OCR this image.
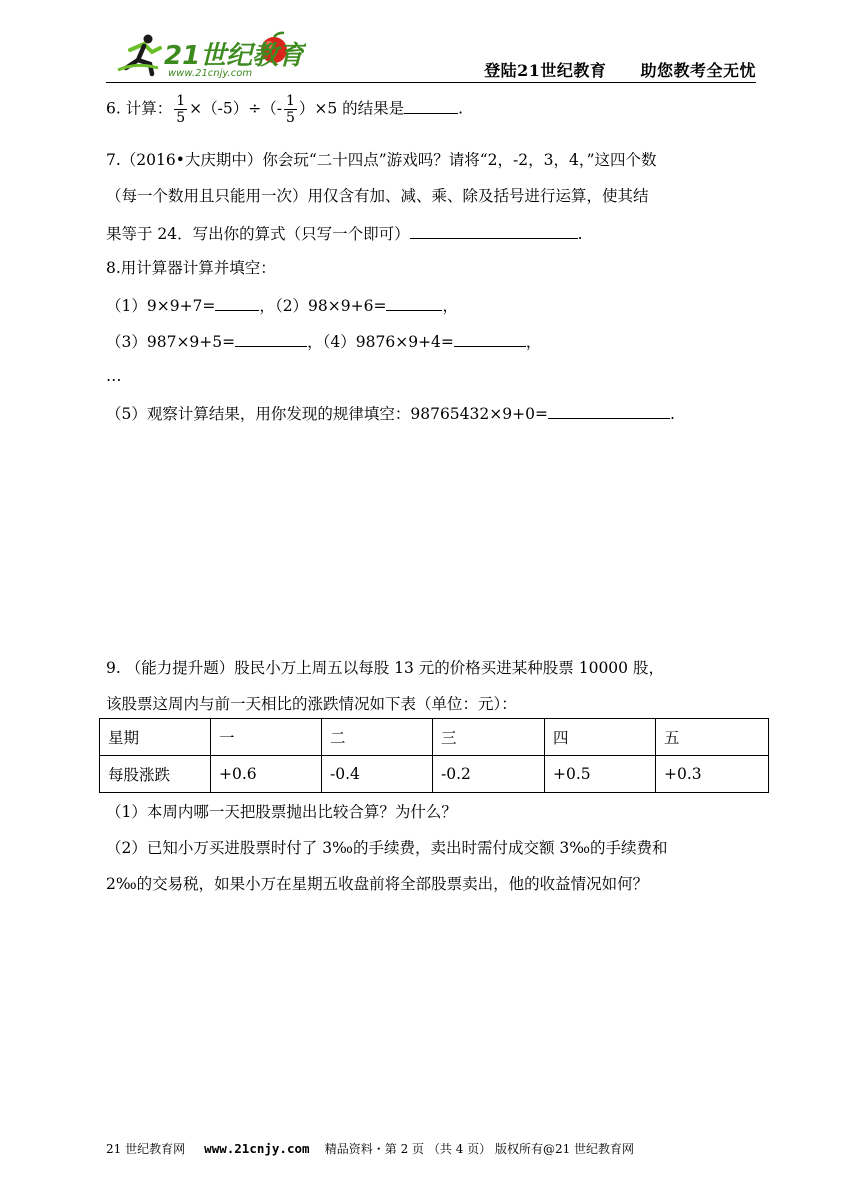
21世纪教育
www.21cnjy.com	登陆21世纪教育 助您教考全无忧
6. 计算： $\frac{1}{5} \times(-5)\div(- \frac{1}{5} )\times 5$ 的结果是	.
7.（2016•大庆期中）你会玩“二十四点”游戏吗？请将“2，-2，3，4，”这四个数
（每一个数用且只能用一次）用仅含有加、减、乘、除及括号进行运算，使其结
果等于 24．写出你的算式（只写一个即可）	.
8.用计算器计算并填空：
（1）9×9+7=	，（2）98×9+6=	，
（3）987×9+5=	，（4）9876×9+4=	，
…
（5）观察计算结果，用你发现的规律填空：98765432×9+0=	.
9. （能力提升题）股民小万上周五以每股 13 元的价格买进某种股票 10000 股，
该股票这周内与前一天相比的涨跌情况如下表（单位：元）：
星期	一	二	三	四	五
每股涨跌	+0.6	-0.4	-0.2	+0.5	+0.3
（1）本周内哪一天把股票抛出比较合算？为什么？
（2）已知小万买进股票时付了 3‰的手续费，卖出时需付成交额 3‰的手续费和
2‰的交易税，如果小万在星期五收盘前将全部股票卖出，他的收益情况如何？
21 世纪教育网 www.21cnjy.com 精品资料・第 2 页 （共 4 页） 版权所有@21 世纪教育网
